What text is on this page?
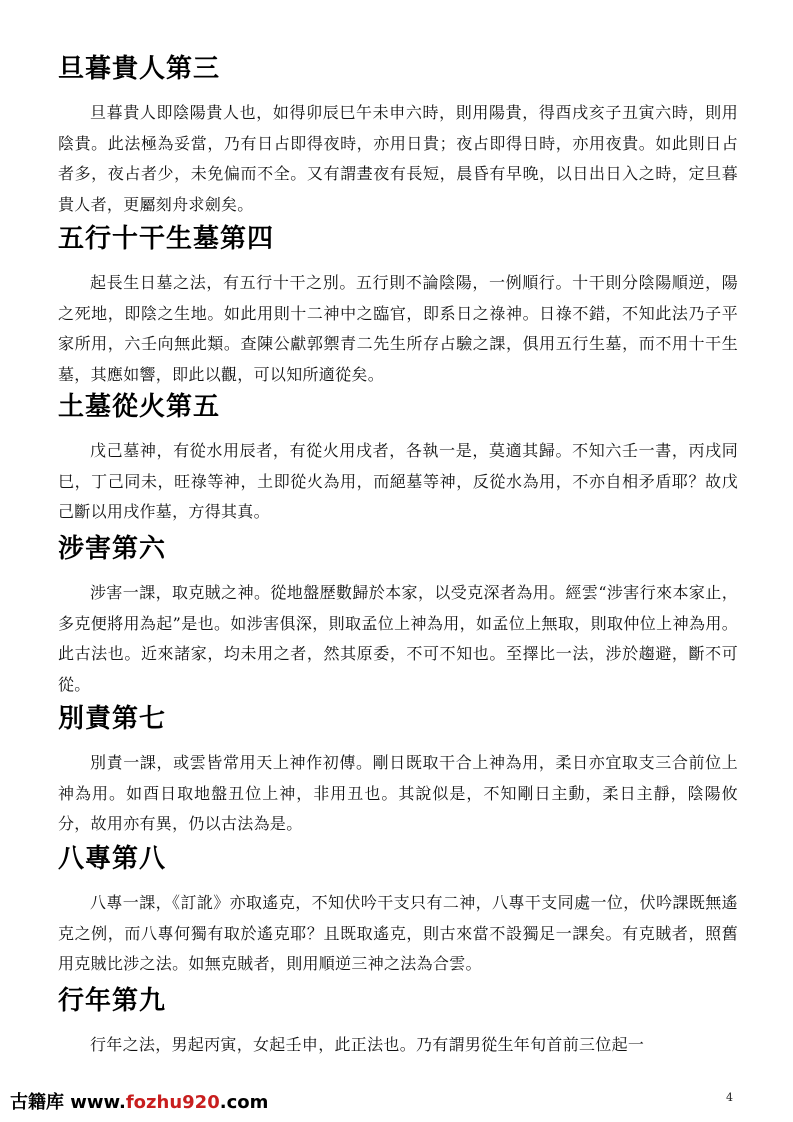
旦暮貴人第三

旦暮貴人即陰陽貴人也，如得卯辰巳午未申六時，則用陽貴，得酉戌亥子丑寅六時，則用陰貴。此法極為妥當，乃有日占即得夜時，亦用日貴；夜占即得日時，亦用夜貴。如此則日占者多，夜占者少，未免偏而不全。又有謂晝夜有長短，晨昏有早晚，以日出日入之時，定旦暮貴人者，更屬刻舟求劍矣。

五行十干生墓第四

起長生日墓之法，有五行十干之別。五行則不論陰陽，一例順行。十干則分陰陽順逆，陽之死地，即陰之生地。如此用則十二神中之臨官，即系日之祿神。日祿不錯，不知此法乃子平家所用，六壬向無此類。查陳公獻郭禦青二先生所存占驗之課，俱用五行生墓，而不用十干生墓，其應如響，即此以觀，可以知所適從矣。

土墓從火第五

戊己墓神，有從水用辰者，有從火用戌者，各執一是，莫適其歸。不知六壬一書，丙戌同巳，丁己同未，旺祿等神，土即從火為用，而絕墓等神，反從水為用，不亦自相矛盾耶？故戊己斷以用戌作墓，方得其真。

涉害第六

涉害一課，取克賊之神。從地盤歷數歸於本家，以受克深者為用。經雲“涉害行來本家止，多克便將用為起”是也。如涉害俱深，則取孟位上神為用，如孟位上無取，則取仲位上神為用。此古法也。近來諸家，均未用之者，然其原委，不可不知也。至擇比一法，涉於趨避，斷不可從。

別責第七

別責一課，或雲皆常用天上神作初傳。剛日既取干合上神為用，柔日亦宜取支三合前位上神為用。如酉日取地盤丑位上神，非用丑也。其說似是，不知剛日主動，柔日主靜，陰陽攸分，故用亦有異，仍以古法為是。

八專第八

八專一課，《訂訛》亦取遙克，不知伏吟干支只有二神，八專干支同處一位，伏吟課既無遙克之例，而八專何獨有取於遙克耶？且既取遙克，則古來當不設獨足一課矣。有克賊者，照舊用克賊比涉之法。如無克賊者，則用順逆三神之法為合雲。

行年第九

行年之法，男起丙寅，女起壬申，此正法也。乃有謂男從生年旬首前三位起一

古籍库 www.fozhu920.com	4
